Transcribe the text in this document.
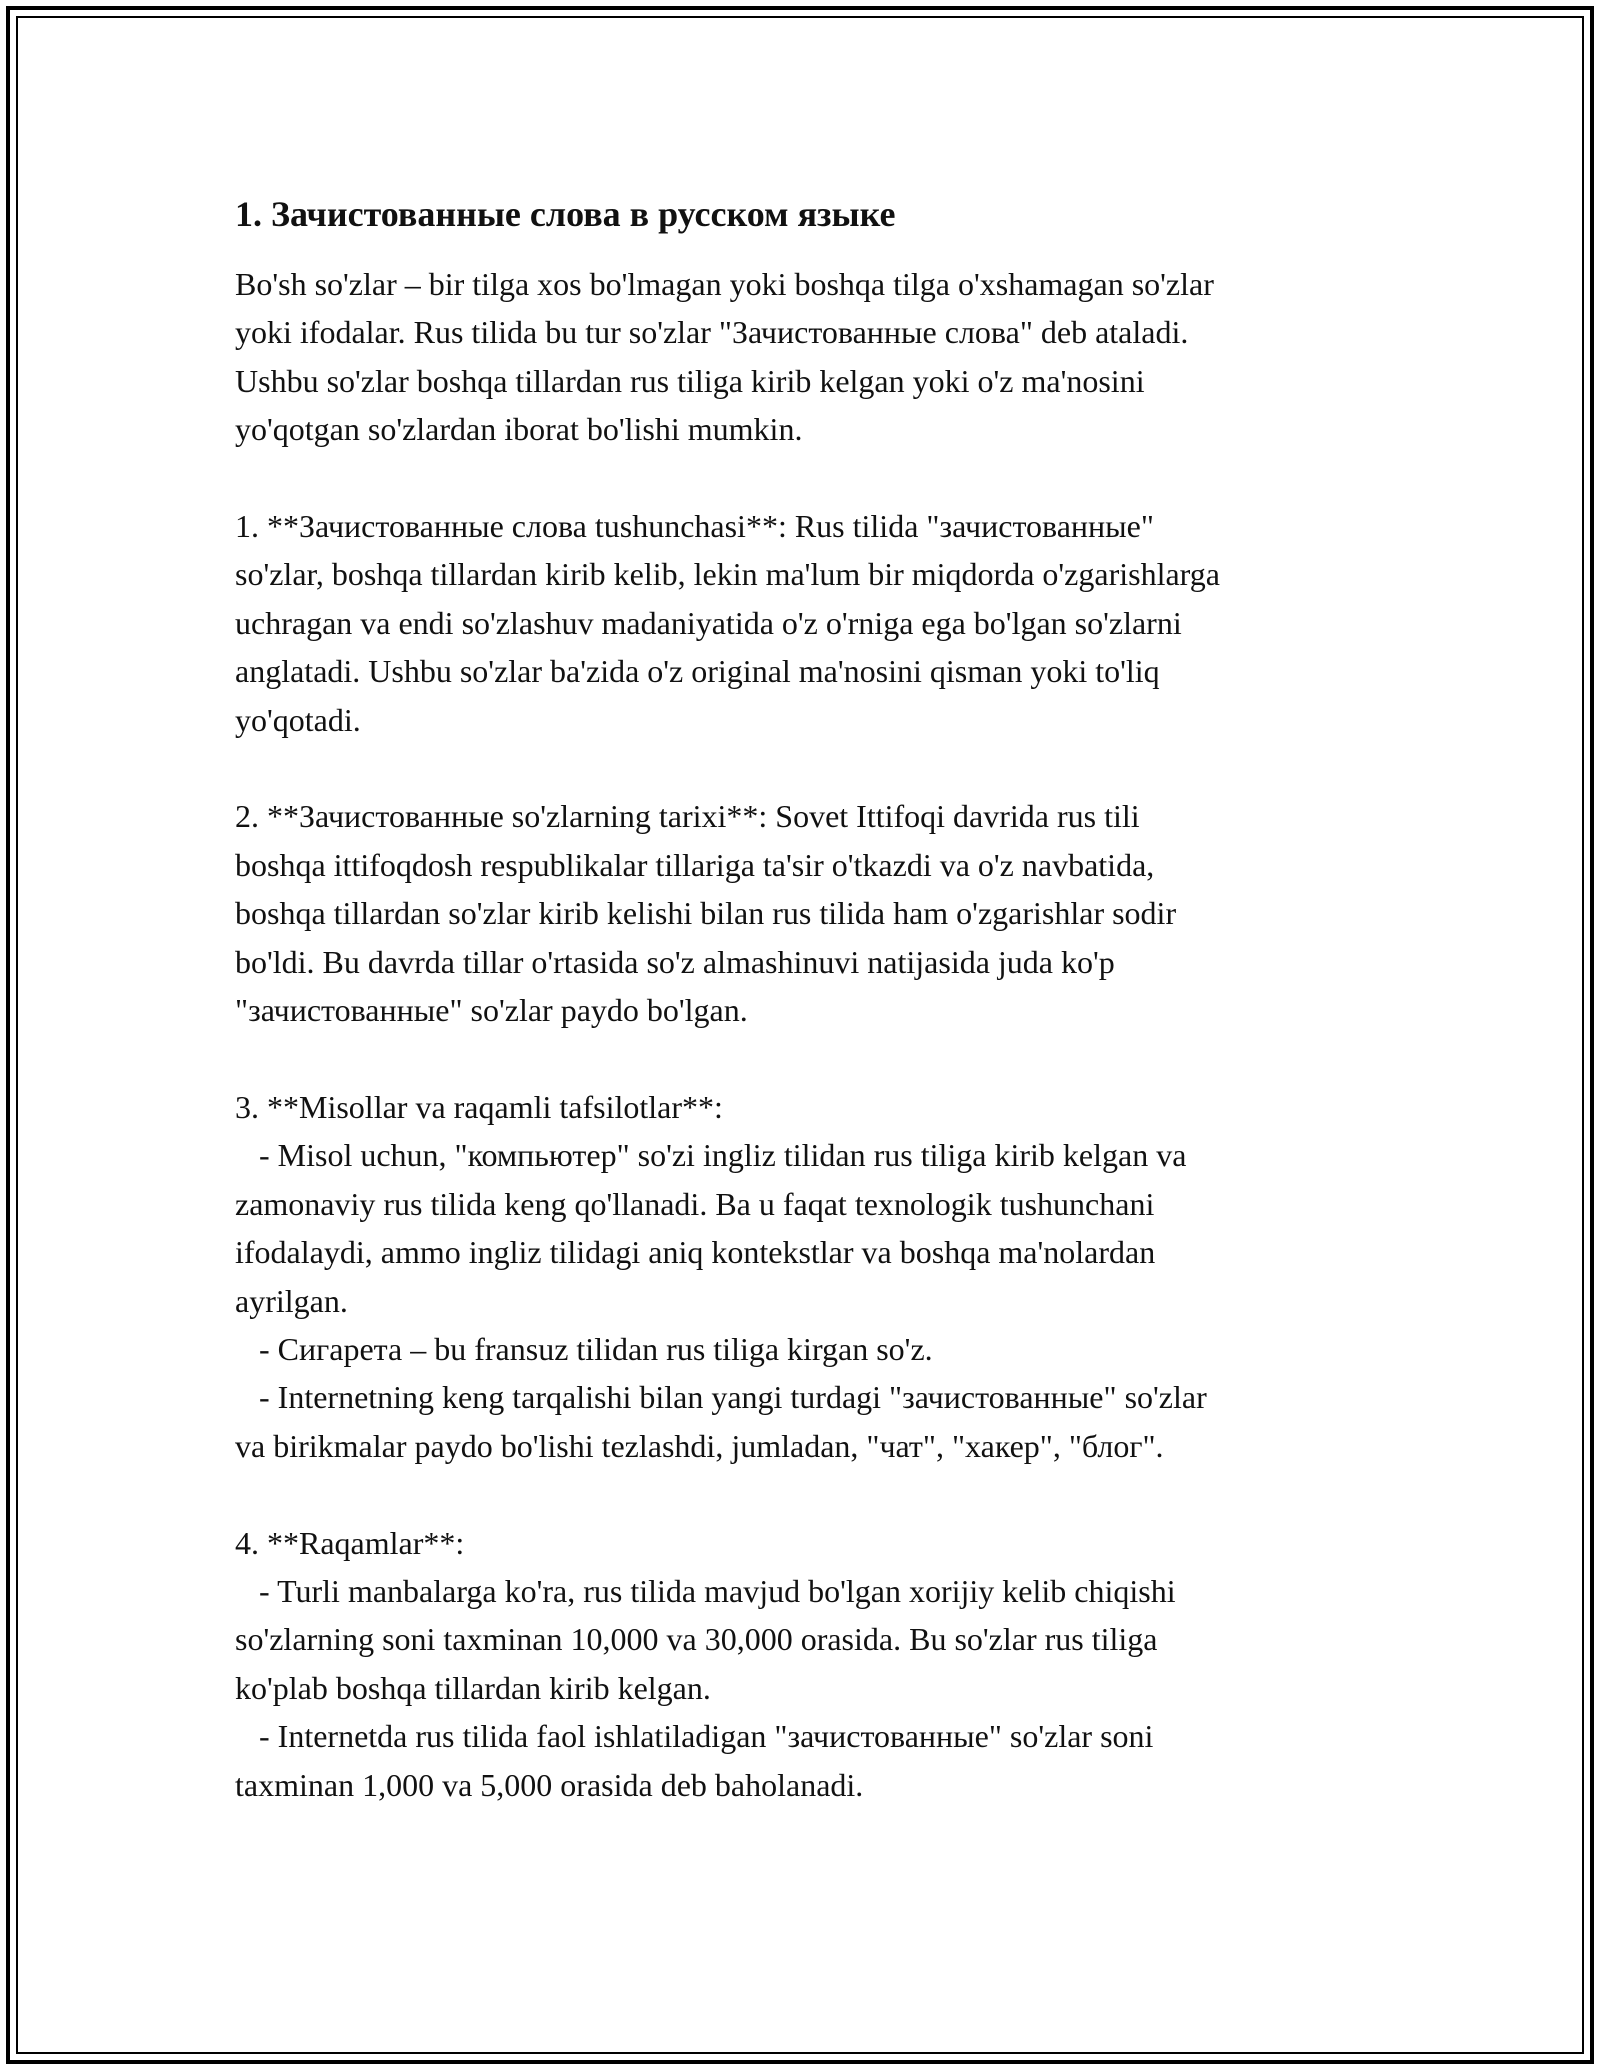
1. Зачистованные слова в русском языке
Bo'sh so'zlar – bir tilga xos bo'lmagan yoki boshqa tilga o'xshamagan so'zlar
yoki ifodalar. Rus tilida bu tur so'zlar "Зачистованные слова" deb ataladi.
Ushbu so'zlar boshqa tillardan rus tiliga kirib kelgan yoki o'z ma'nosini
yo'qotgan so'zlardan iborat bo'lishi mumkin.

1. **Зачистованные слова tushunchasi**: Rus tilida "зачистованные"
so'zlar, boshqa tillardan kirib kelib, lekin ma'lum bir miqdorda o'zgarishlarga
uchragan va endi so'zlashuv madaniyatida o'z o'rniga ega bo'lgan so'zlarni
anglatadi. Ushbu so'zlar ba'zida o'z original ma'nosini qisman yoki to'liq
yo'qotadi.

2. **Зачистованные so'zlarning tarixi**: Sovet Ittifoqi davrida rus tili
boshqa ittifoqdosh respublikalar tillariga ta'sir o'tkazdi va o'z navbatida,
boshqa tillardan so'zlar kirib kelishi bilan rus tilida ham o'zgarishlar sodir
bo'ldi. Bu davrda tillar o'rtasida so'z almashinuvi natijasida juda ko'p
"зачистованные" so'zlar paydo bo'lgan.

3. **Misollar va raqamli tafsilotlar**:
- Misol uchun, "компьютер" so'zi ingliz tilidan rus tiliga kirib kelgan va
zamonaviy rus tilida keng qo'llanadi. Ba u faqat texnologik tushunchani
ifodalaydi, ammo ingliz tilidagi aniq kontekstlar va boshqa ma'nolardan
ayrilgan.
- Сигарета – bu fransuz tilidan rus tiliga kirgan so'z.
- Internetning keng tarqalishi bilan yangi turdagi "зачистованные" so'zlar
va birikmalar paydo bo'lishi tezlashdi, jumladan, "чат", "хакер", "блог".

4. **Raqamlar**:
- Turli manbalarga ko'ra, rus tilida mavjud bo'lgan xorijiy kelib chiqishi
so'zlarning soni taxminan 10,000 va 30,000 orasida. Bu so'zlar rus tiliga
ko'plab boshqa tillardan kirib kelgan.
- Internetda rus tilida faol ishlatiladigan "зачистованные" so'zlar soni
taxminan 1,000 va 5,000 orasida deb baholanadi.
